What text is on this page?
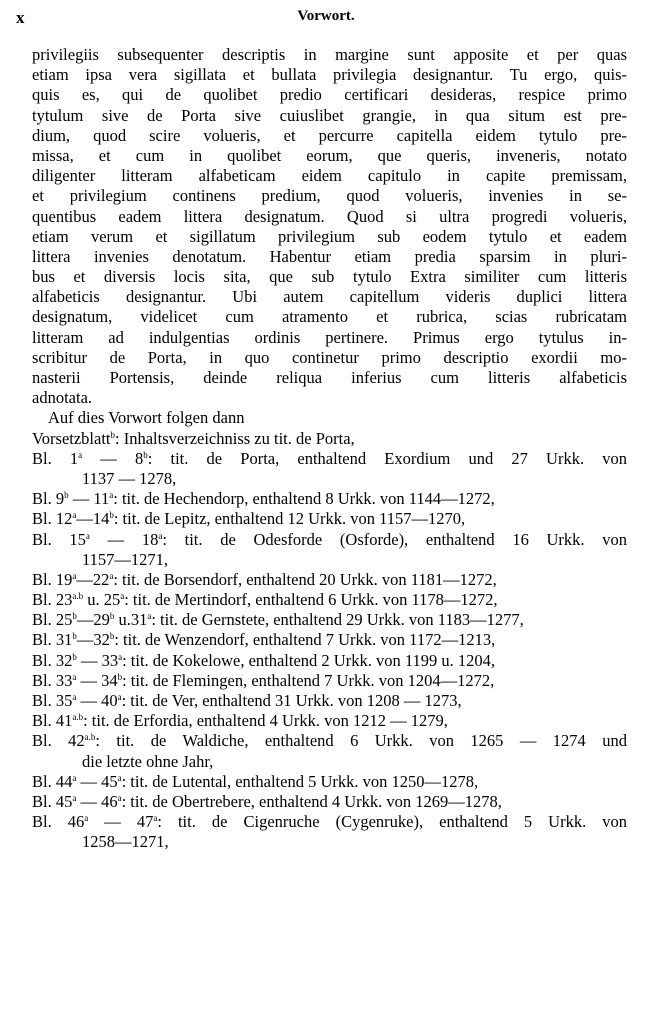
x	Vorwort.
privilegiis subsequenter descriptis in margine sunt apposite et per quas
etiam ipsa vera sigillata et bullata privilegia designantur. Tu ergo, quis-
quis es, qui de quolibet predio certificari desideras, respice primo
tytulum sive de Porta sive cuiuslibet grangie, in qua situm est pre-
dium, quod scire volueris, et percurre capitella eidem tytulo pre-
missa, et cum in quolibet eorum, que queris, inveneris, notato
diligenter litteram alfabeticam eidem capitulo in capite premissam,
et privilegium continens predium, quod volueris, invenies in se-
quentibus eadem littera designatum. Quod si ultra progredi volueris,
etiam verum et sigillatum privilegium sub eodem tytulo et eadem
littera invenies denotatum. Habentur etiam predia sparsim in pluri-
bus et diversis locis sita, que sub tytulo Extra similiter cum litteris
alfabeticis designantur. Ubi autem capitellum videris duplici littera
designatum, videlicet cum atramento et rubrica, scias rubricatam
litteram ad indulgentias ordinis pertinere. Primus ergo tytulus in-
scribitur de Porta, in quo continetur primo descriptio exordii mo-
nasterii Portensis, deinde reliqua inferius cum litteris alfabeticis
adnotata.
Auf dies Vorwort folgen dann
Vorsetzblatt$^b$: Inhaltsverzeichniss zu tit. de Porta,
Bl. 1$^a$ — 8$^b$: tit. de Porta, enthaltend Exordium und 27 Urkk. von
1137 — 1278,
Bl. 9$^b$ — 11$^a$: tit. de Hechendorp, enthaltend 8 Urkk. von 1144—1272,
Bl. 12$^a$—14$^b$: tit. de Lepitz, enthaltend 12 Urkk. von 1157—1270,
Bl. 15$^a$ — 18$^a$: tit. de Odesforde (Osforde), enthaltend 16 Urkk. von
1157—1271,
Bl. 19$^a$—22$^a$: tit. de Borsendorf, enthaltend 20 Urkk. von 1181—1272,
Bl. $23^{a.b}$ u. 25$^a$: tit. de Mertindorf, enthaltend 6 Urkk. von 1178—1272,
Bl. 25$^b$—29$^b$ u.31$^a$: tit. de Gernstete, enthaltend 29 Urkk. von 1183—1277,
Bl. 31$^b$—32$^b$: tit. de Wenzendorf, enthaltend 7 Urkk. von 1172—1213,
Bl. 32$^b$ — 33$^a$: tit. de Kokelowe, enthaltend 2 Urkk. von 1199 u. 1204,
Bl. 33$^a$ — 34$^b$: tit. de Flemingen, enthaltend 7 Urkk. von 1204—1272,
Bl. 35$^a$ — 40$^a$: tit. de Ver, enthaltend 31 Urkk. von 1208 — 1273,
Bl. $41^{a.b}$: tit. de Erfordia, enthaltend 4 Urkk. von 1212 — 1279,
Bl. $42^{a.b}$: tit. de Waldiche, enthaltend 6 Urkk. von 1265 — 1274 und
die letzte ohne Jahr,
Bl. 44$^a$ — 45$^a$: tit. de Lutental, enthaltend 5 Urkk. von 1250—1278,
Bl. 45$^a$ — 46$^a$: tit. de Obertrebere, enthaltend 4 Urkk. von 1269—1278,
Bl. 46$^a$ — 47$^a$: tit. de Cigenruche (Cygenruke), enthaltend 5 Urkk. von
1258—1271,
